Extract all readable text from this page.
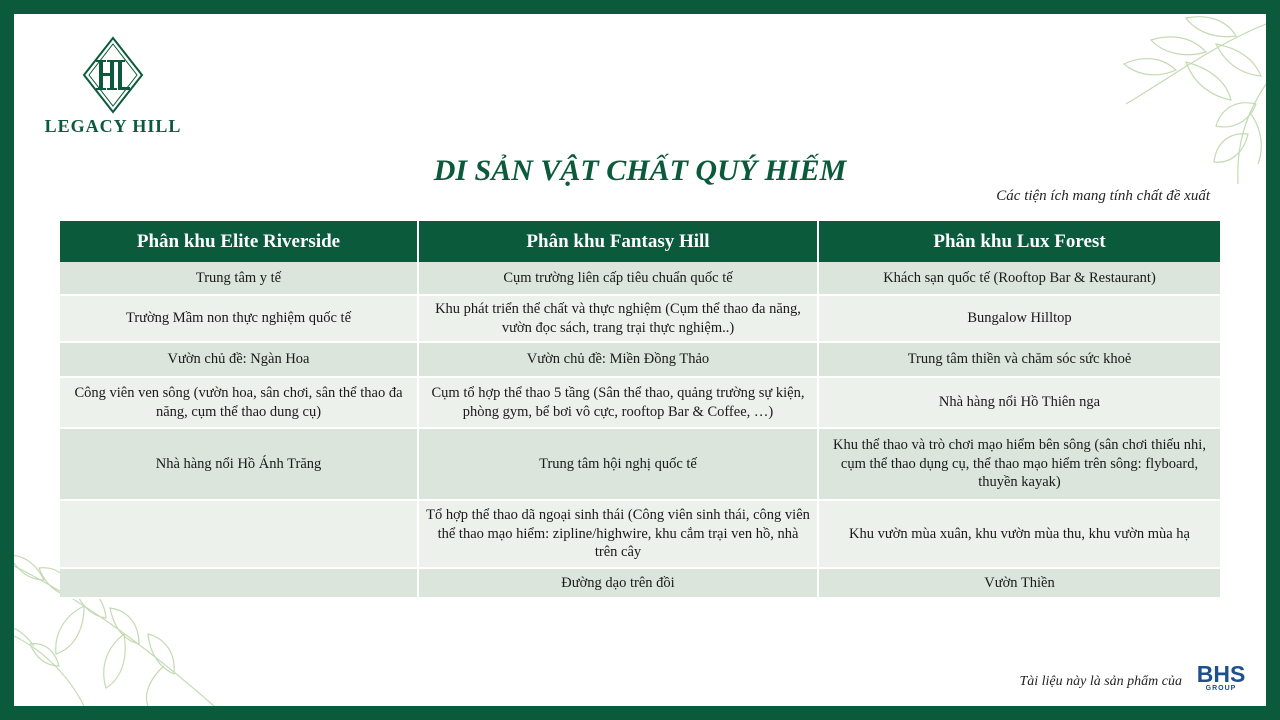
LEGACY HILL
DI SẢN VẬT CHẤT QUÝ HIẾM
Các tiện ích mang tính chất đề xuất
Phân khu Elite Riverside	Phân khu Fantasy Hill	Phân khu Lux Forest
Trung tâm y tế	Cụm trường liên cấp tiêu chuẩn quốc tế	Khách sạn quốc tế (Rooftop Bar & Restaurant)
Trường Mầm non thực nghiệm quốc tế	Khu phát triển thể chất và thực nghiệm (Cụm thể thao đa năng, vườn đọc sách, trang trại thực nghiệm..)	Bungalow Hilltop
Vườn chủ đề: Ngàn Hoa	Vườn chủ đề: Miền Đồng Thảo	Trung tâm thiền và chăm sóc sức khoẻ
Công viên ven sông (vườn hoa, sân chơi, sân thể thao đa năng, cụm thể thao dung cụ)	Cụm tổ hợp thể thao 5 tầng (Sân thể thao, quảng trường sự kiện, phòng gym, bể bơi vô cực, rooftop Bar & Coffee, …)	Nhà hàng nổi Hồ Thiên nga
Nhà hàng nổi Hồ Ánh Trăng	Trung tâm hội nghị quốc tế	Khu thể thao và trò chơi mạo hiểm bên sông (sân chơi thiếu nhi, cụm thể thao dụng cụ, thể thao mạo hiểm trên sông: flyboard, thuyền kayak)
	Tổ hợp thể thao dã ngoại sinh thái (Công viên sinh thái, công viên thể thao mạo hiểm: zipline/highwire, khu cắm trại ven hồ, nhà trên cây	Khu vườn mùa xuân, khu vườn mùa thu, khu vườn mùa hạ
	Đường dạo trên đồi	Vườn Thiền
Tài liệu này là sản phẩm của BHS
GROUP
